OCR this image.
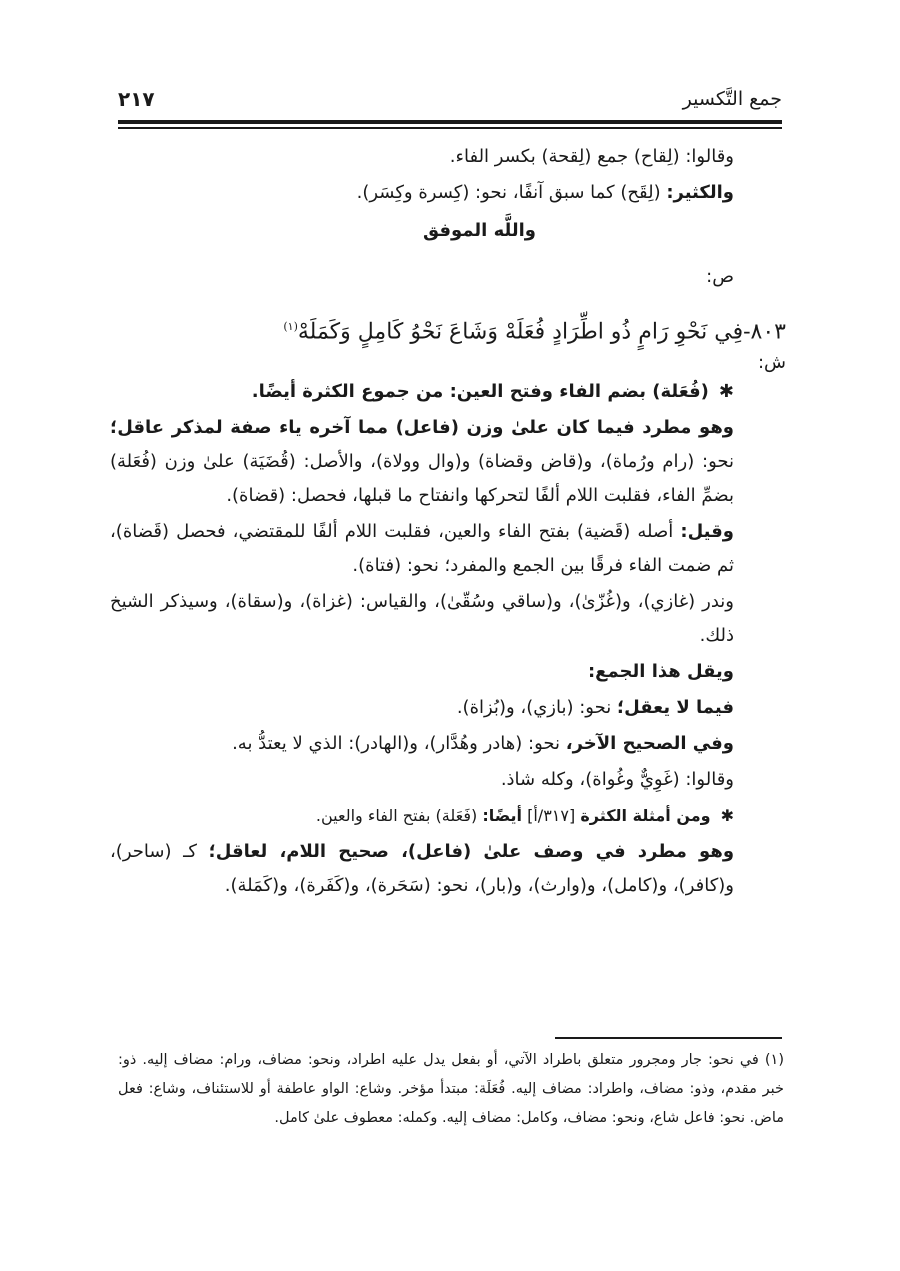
جمع التَّكسير
٢١٧

وقالوا: (لِقاح) جمع (لِقحة) بكسر الفاء.

والكثير: (لِقَح) كما سبق آنفًا، نحو: (كِسرة وكِسَر).

واللَّه الموفق

ص:

٨٠٣-فِي نَحْوِ رَامٍ ذُو اطِّرَادٍ فُعَلَهْ وَشَاعَ نَحْوُ كَامِلٍ وَكَمَلَهْ$^{(١)}$

ش:

✱(فُعَلة) بضم الفاء وفتح العين: من جموع الكثرة أيضًا.

وهو مطرد فيما كان علىٰ وزن (فاعل) مما آخره ياء صفة لمذكر عاقل؛ نحو: (رام ورُماة)، و(قاض وقضاة) و(وال وولاة)، والأصل: (قُضَيَة) علىٰ وزن (فُعَلة) بضمِّ الفاء، فقلبت اللام ألفًا لتحركها وانفتاح ما قبلها، فحصل: (قضاة).

وقيل: أصله (قَضية) بفتح الفاء والعين، فقلبت اللام ألفًا للمقتضي، فحصل (قَضاة)، ثم ضمت الفاء فرقًا بين الجمع والمفرد؛ نحو: (فتاة).

وندر (غازي)، و(غُزّىٰ)، و(ساقي وسُقّىٰ)، والقياس: (غزاة)، و(سقاة)، وسيذكر الشيخ ذلك.

ويقل هذا الجمع:

فيما لا يعقل؛ نحو: (بازي)، و(بُزاة).

وفي الصحيح الآخر، نحو: (هادر وهُدَّار)، و(الهادر): الذي لا يعتدُّ به.

وقالوا: (غَوِيٌّ وغُواة)، وكله شاذ.

✱ومن أمثلة الكثرة [٣١٧/أ] أيضًا: (فَعَلة) بفتح الفاء والعين.

وهو مطرد في وصف علىٰ (فاعل)، صحيح اللام، لعاقل؛ كـ (ساحر)، و(كافر)، و(كامل)، و(وارث)، و(بار)، نحو: (سَحَرة)، و(كَفَرة)، و(كَمَلة).

(١)في نحو: جار ومجرور متعلق باطراد الآتي، أو بفعل يدل عليه اطراد، ونحو: مضاف، ورام: مضاف إليه. ذو: خبر مقدم، وذو: مضاف، واطراد: مضاف إليه. فُعَلَة: مبتدأ مؤخر. وشاع: الواو عاطفة أو للاستئناف، وشاع: فعل ماض. نحو: فاعل شاع، ونحو: مضاف، وكامل: مضاف إليه. وكمله: معطوف علىٰ كامل.
